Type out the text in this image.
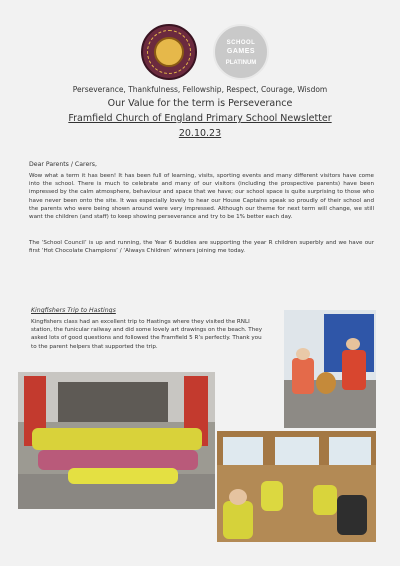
SCHOOL
GAMES
PLATINUM
Perseverance, Thankfulness, Fellowship, Respect, Courage, Wisdom
Our Value for the term is Perseverance
Framfield Church of England Primary School Newsletter
20.10.23
Dear Parents / Carers,

Wow what a term it has been! It has been full of learning, visits, sporting events and many different visitors have come into the school. There is much to celebrate and many of our visitors (including the prospective parents) have been impressed by the calm atmosphere, behaviour and space that we have; our school space is quite surprising to those who have never been onto the site. It was especially lovely to hear our House Captains speak so proudly of their school and the parents who were being shown around were very impressed. Although our theme for next term will change, we still want the children (and staff) to keep showing perseverance and try to be 1% better each day.

The ‘School Council’ is up and running, the Year 6 buddies are supporting the year R children superbly and we have our first ‘Hot Chocolate Champions’ / ‘Always Children’ winners joining me today.

Kingfishers Trip to Hastings

Kingfishers class had an excellent trip to Hastings where they visited the RNLI station, the funicular railway and did some lovely art drawings on the beach. They asked lots of good questions and followed the Framfield 5 R’s perfectly. Thank you to the parent helpers that supported the trip.
